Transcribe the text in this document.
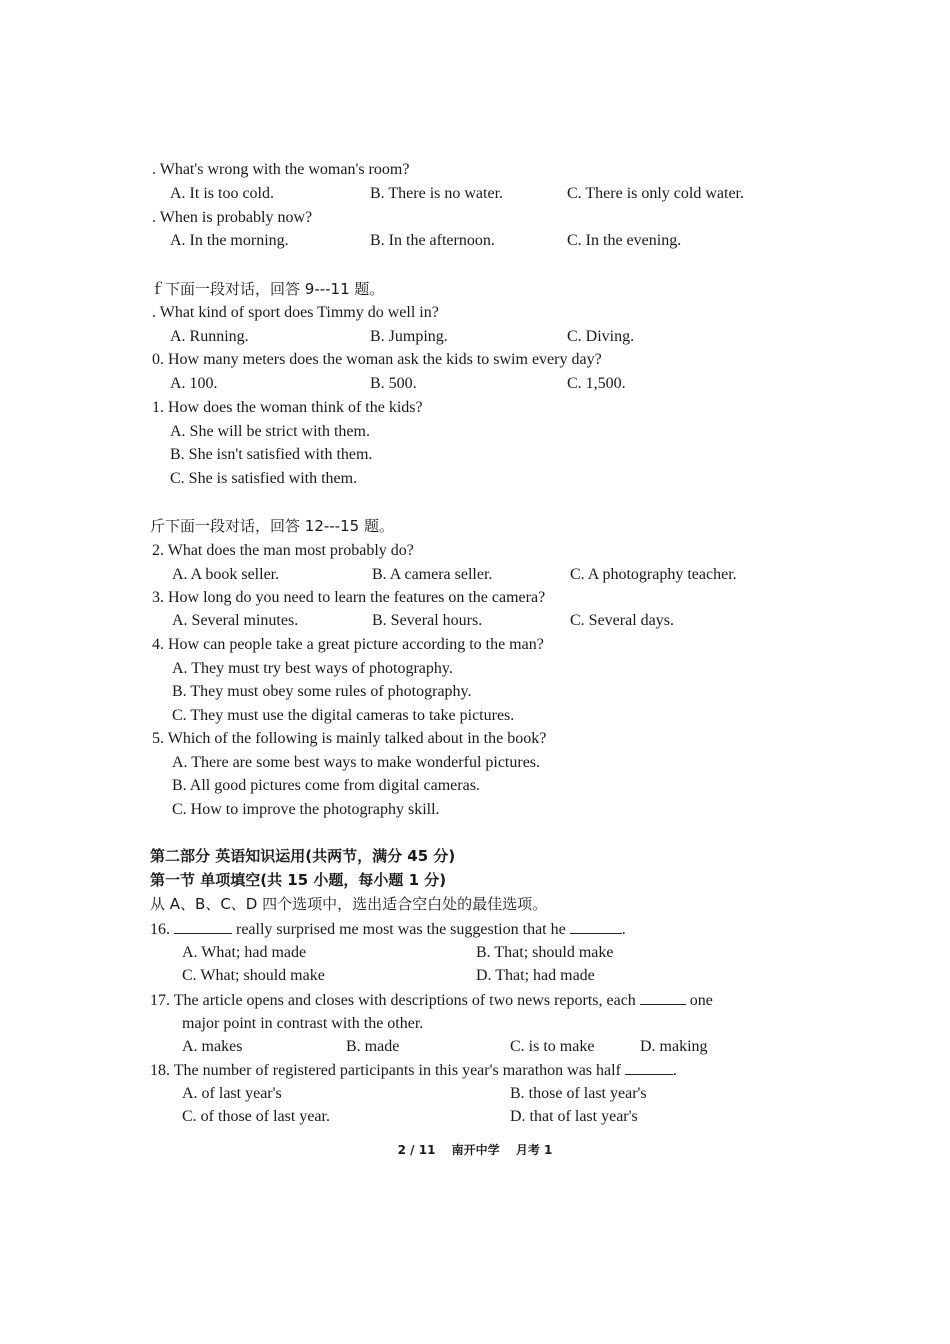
. What's wrong with the woman's room?
A. It is too cold.	B. There is no water.	C. There is only cold water.
. When is probably now?
A. In the morning.	B. In the afternoon.	C. In the evening.
ｆ下面一段对话，回答 9---11 题。
. What kind of sport does Timmy do well in?
A. Running.	B. Jumping.	C. Diving.
0. How many meters does the woman ask the kids to swim every day?
A. 100.	B. 500.	C. 1,500.
1. How does the woman think of the kids?
A. She will be strict with them.
B. She isn't satisfied with them.
C. She is satisfied with them.
斤下面一段对话，回答 12---15 题。
2. What does the man most probably do?
A. A book seller.	B. A camera seller.	C. A photography teacher.
3. How long do you need to learn the features on the camera?
A. Several minutes.	B. Several hours.	C. Several days.
4. How can people take a great picture according to the man?
A. They must try best ways of photography.
B. They must obey some rules of photography.
C. They must use the digital cameras to take pictures.
5. Which of the following is mainly talked about in the book?
A. There are some best ways to make wonderful pictures.
B. All good pictures come from digital cameras.
C. How to improve the photography skill.
第二部分 英语知识运用(共两节，满分 45 分)
第一节 单项填空(共 15 小题，每小题 1 分)
从 A、B、C、D 四个选项中，选出适合空白处的最佳选项。
16.	really surprised me most was the suggestion that he	.
A. What; had made	B. That; should make
C. What; should make	D. That; had made
17. The article opens and closes with descriptions of two news reports, each	one
major point in contrast with the other.
A. makes	B. made	C. is to make	D. making
18. The number of registered participants in this year's marathon was half	.
A. of last year's	B. those of last year's
C. of those of last year.	D. that of last year's
2 / 11 南开中学 月考 1
